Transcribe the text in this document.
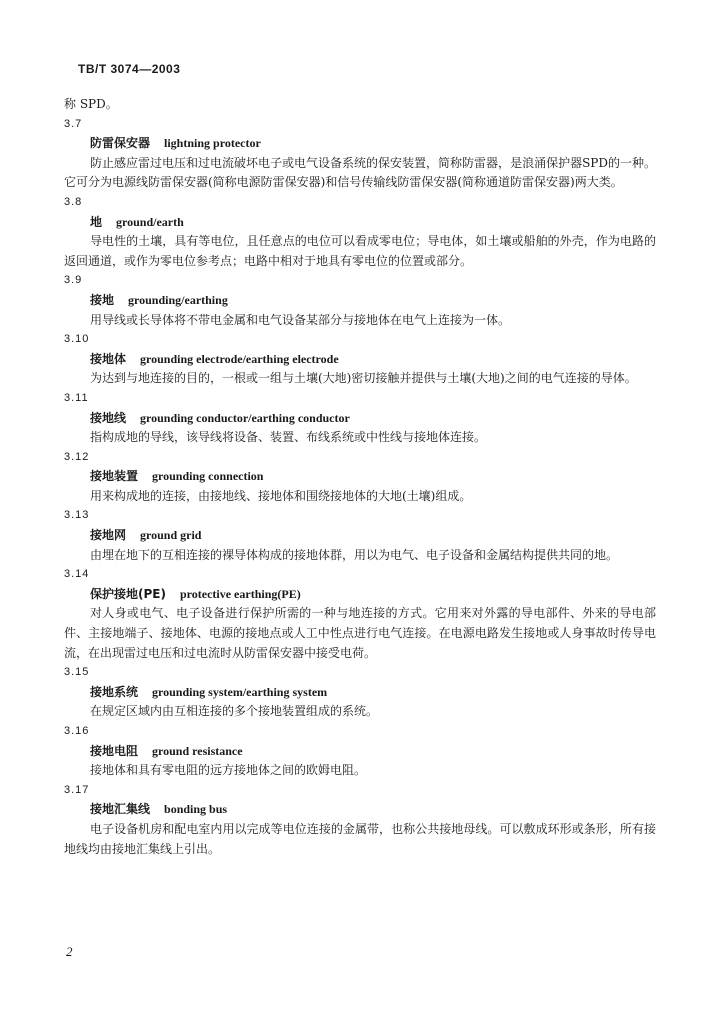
TB/T 3074—2003

称 SPD。

3.7

防雷保安器 lightning protector

防止感应雷过电压和过电流破坏电子或电气设备系统的保安装置，简称防雷器，是浪涌保护器SPD的一种。它可分为电源线防雷保安器(简称电源防雷保安器)和信号传输线防雷保安器(简称通道防雷保安器)两大类。

3.8

地 ground/earth

导电性的土壤，具有等电位，且任意点的电位可以看成零电位；导电体，如土壤或船舶的外壳，作为电路的返回通道，或作为零电位参考点；电路中相对于地具有零电位的位置或部分。

3.9

接地 grounding/earthing

用导线或长导体将不带电金属和电气设备某部分与接地体在电气上连接为一体。

3.10

接地体 grounding electrode/earthing electrode

为达到与地连接的目的，一根或一组与土壤(大地)密切接触并提供与土壤(大地)之间的电气连接的导体。

3.11

接地线 grounding conductor/earthing conductor

指构成地的导线，该导线将设备、装置、布线系统或中性线与接地体连接。

3.12

接地装置 grounding connection

用来构成地的连接，由接地线、接地体和围绕接地体的大地(土壤)组成。

3.13

接地网 ground grid

由埋在地下的互相连接的裸导体构成的接地体群，用以为电气、电子设备和金属结构提供共同的地。

3.14

保护接地(PE) protective earthing(PE)

对人身或电气、电子设备进行保护所需的一种与地连接的方式。它用来对外露的导电部件、外来的导电部件、主接地端子、接地体、电源的接地点或人工中性点进行电气连接。在电源电路发生接地或人身事故时传导电流，在出现雷过电压和过电流时从防雷保安器中接受电荷。

3.15

接地系统 grounding system/earthing system

在规定区域内由互相连接的多个接地装置组成的系统。

3.16

接地电阻 ground resistance

接地体和具有零电阻的远方接地体之间的欧姆电阻。

3.17

接地汇集线 bonding bus

电子设备机房和配电室内用以完成等电位连接的金属带，也称公共接地母线。可以敷成环形或条形，所有接地线均由接地汇集线上引出。

2
